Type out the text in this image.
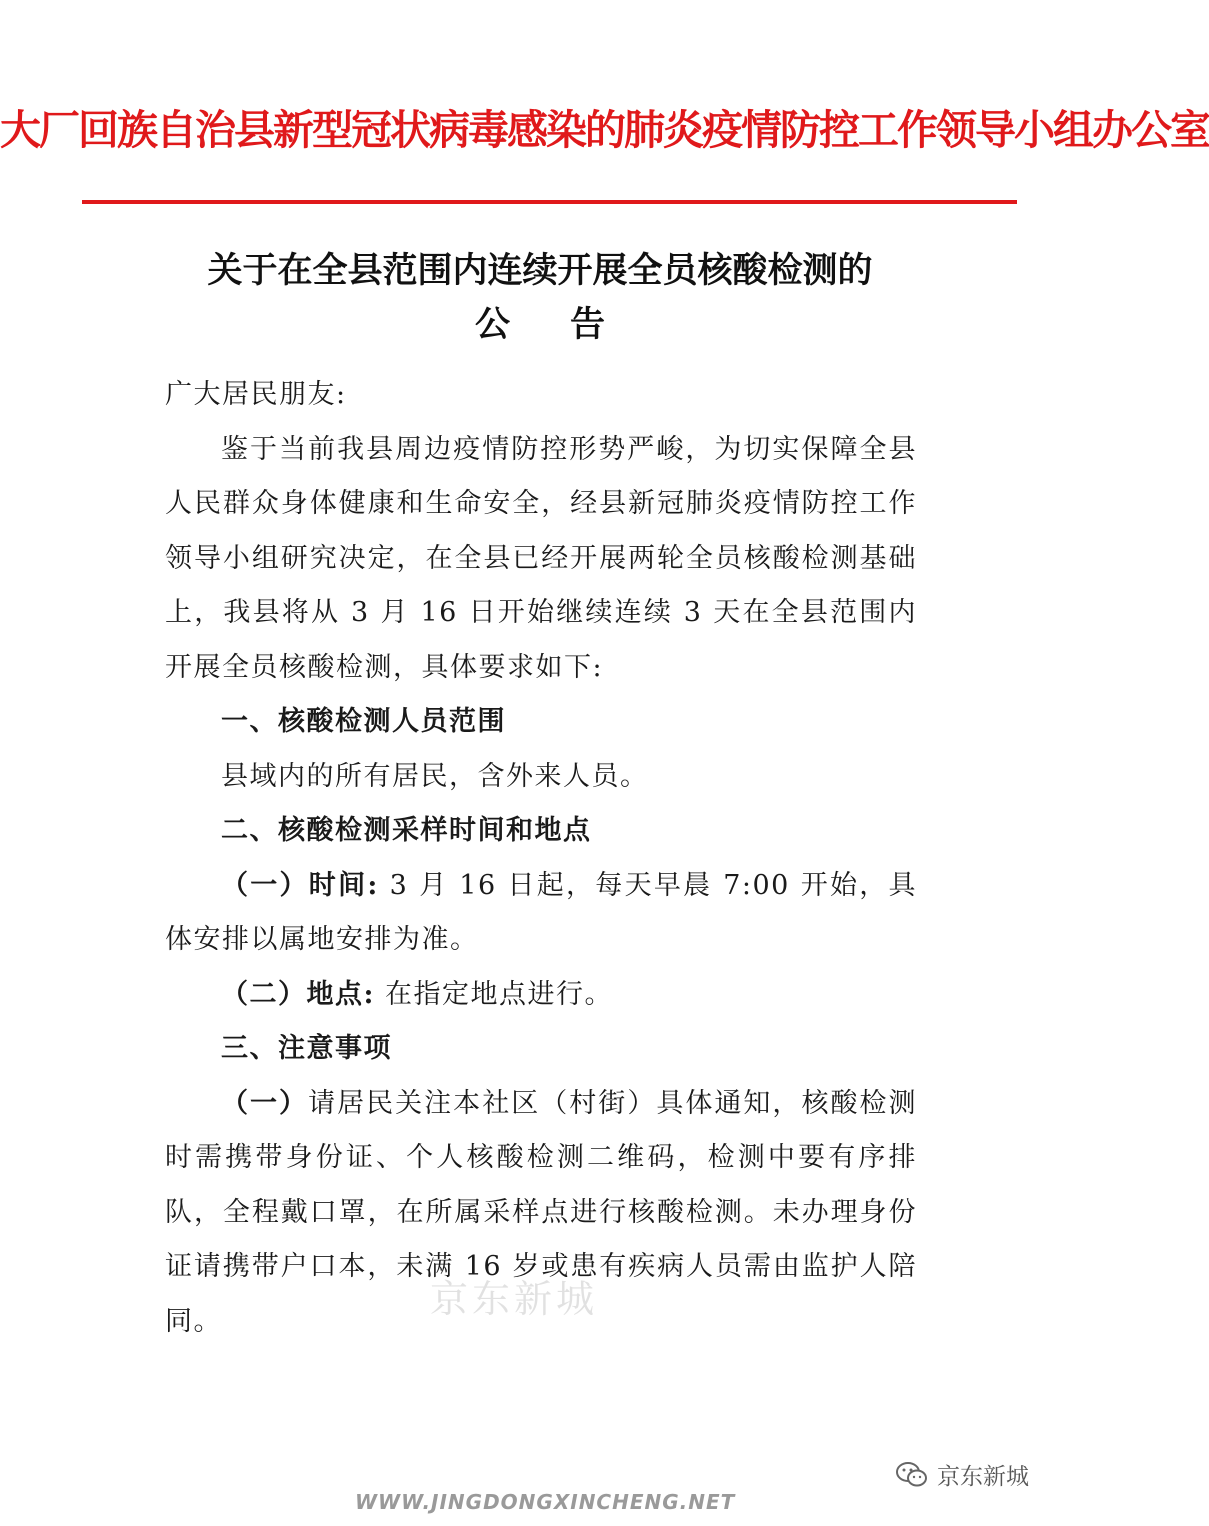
大厂回族自治县新型冠状病毒感染的肺炎疫情防控工作领导小组办公室
关于在全县范围内连续开展全员核酸检测的
公告

广大居民朋友:

鉴于当前我县周边疫情防控形势严峻，为切实保障全县人民群众身体健康和生命安全，经县新冠肺炎疫情防控工作领导小组研究决定，在全县已经开展两轮全员核酸检测基础上，我县将从 3 月 16 日开始继续连续 3 天在全县范围内开展全员核酸检测，具体要求如下:

一、核酸检测人员范围

县域内的所有居民，含外来人员。

二、核酸检测采样时间和地点

（一）时间: 3 月 16 日起，每天早晨 7:00 开始，具体安排以属地安排为准。

（二）地点: 在指定地点进行。

三、注意事项

（一）请居民关注本社区（村街）具体通知，核酸检测时需携带身份证、个人核酸检测二维码，检测中要有序排队，全程戴口罩，在所属采样点进行核酸检测。未办理身份证请携带户口本，未满 16 岁或患有疾病人员需由监护人陪同。	京东新城
京东新城
WWW.JINGDONGXINCHENG.NET
